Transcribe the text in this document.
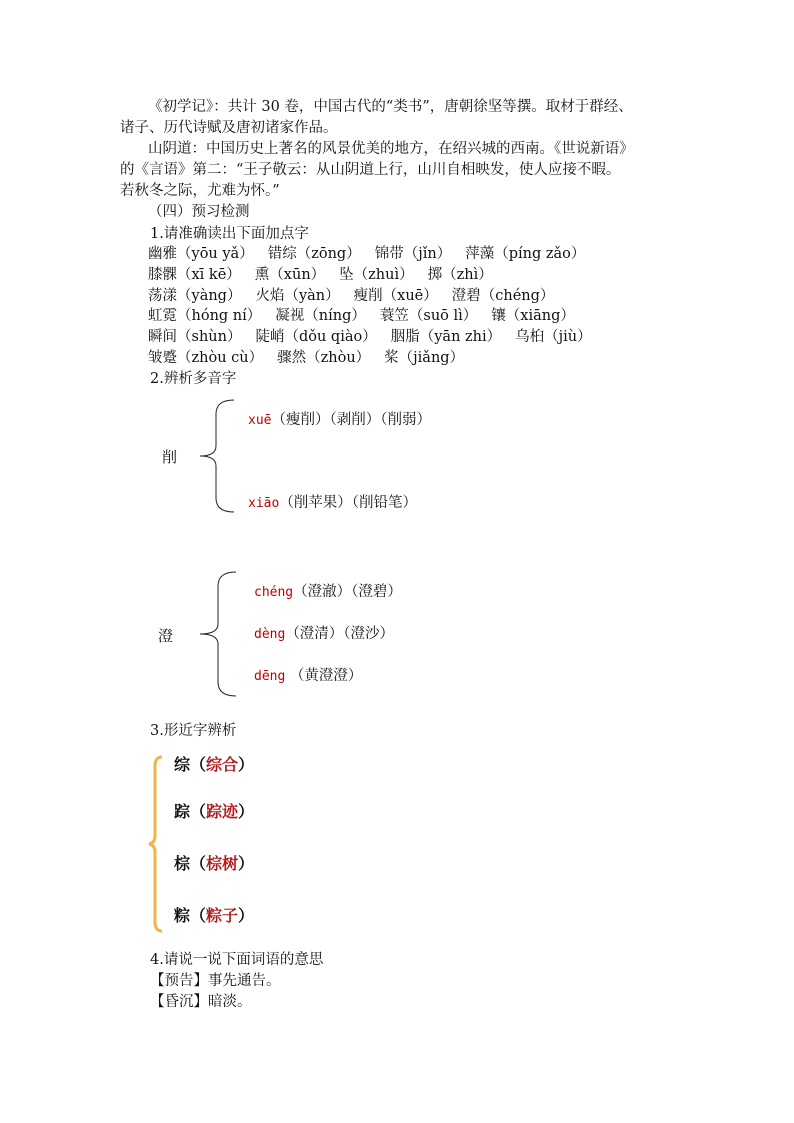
《初学记》：共计 30 卷，中国古代的“类书”，唐朝徐坚等撰。取材于群经、
诸子、历代诗赋及唐初诸家作品。
山阴道：中国历史上著名的风景优美的地方，在绍兴城的西南。《世说新语》
的《言语》第二：“王子敬云：从山阴道上行，山川自相映发，使人应接不暇。
若秋冬之际，尤难为怀。”
（四）预习检测
1.请准确读出下面加点字
幽雅（yōu yǎ） 错综（zōng） 锦带（jǐn） 萍藻（píng zǎo）
膝髁（xī kē） 熏（xūn） 坠（zhuì） 掷（zhì）
荡漾（yàng） 火焰（yàn） 瘦削（xuē） 澄碧（chéng）
虹霓（hóng ní） 凝视（níng） 蓑笠（suō lì） 镶（xiāng）
瞬间（shùn） 陡峭（dǒu qiào） 胭脂（yān zhi） 乌桕（jiù）
皱蹙（zhòu cù） 骤然（zhòu） 桨（jiǎng）
2.辨析多音字
削
xuē（瘦削）（剥削）（削弱）
xiāo（削苹果）（削铅笔）
澄
chéng（澄澈）（澄碧）
dèng（澄清）（澄沙）
dēng （黄澄澄）
3.形近字辨析
综（综合）
踪（踪迹）
棕（棕树）
粽（粽子）
4.请说一说下面词语的意思
【预告】事先通告。
【昏沉】暗淡。
